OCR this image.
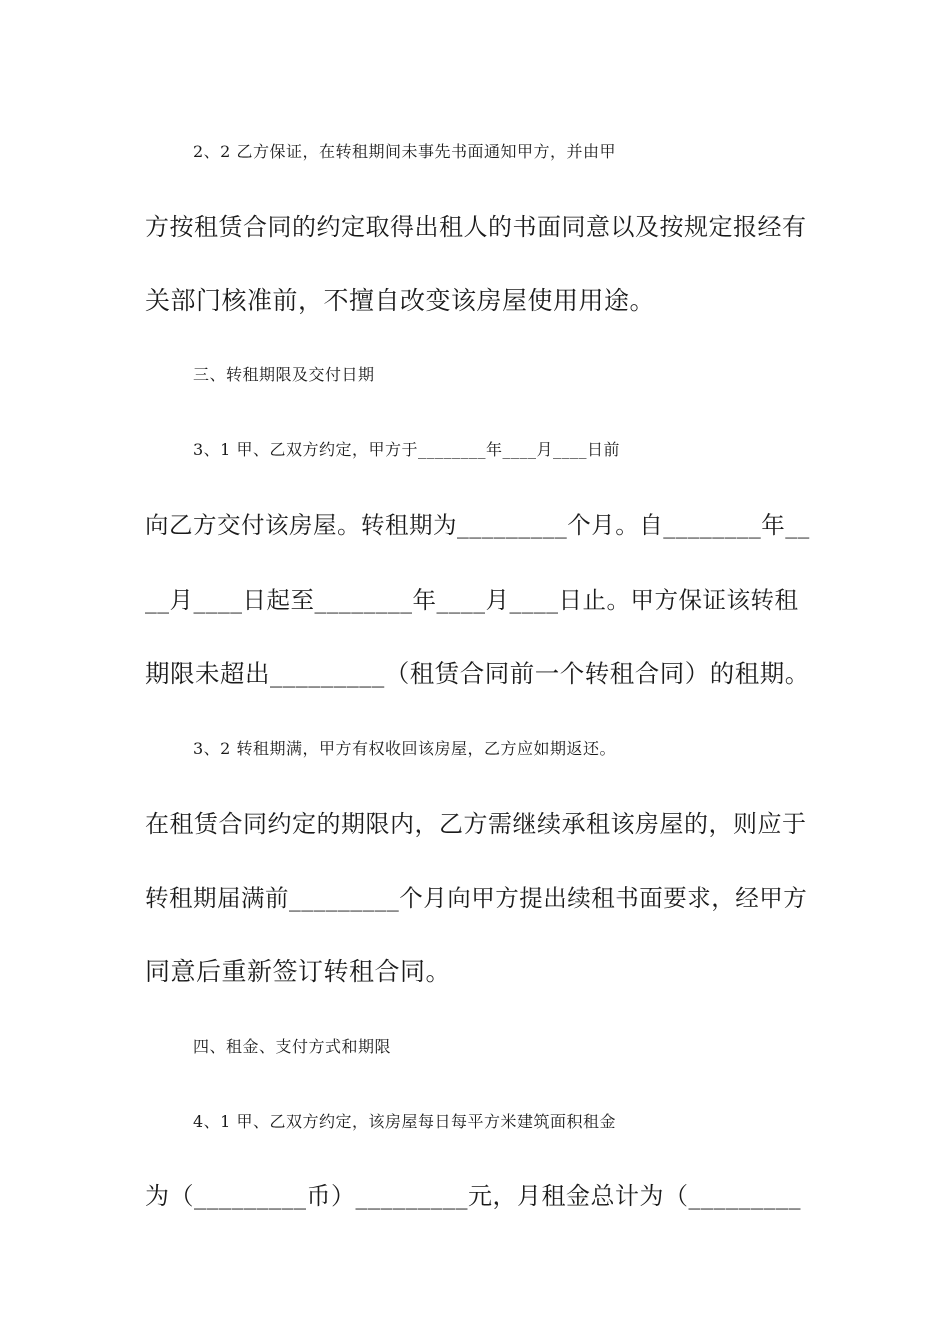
2、2 乙方保证，在转租期间未事先书面通知甲方，并由甲
方按租赁合同的约定取得出租人的书面同意以及按规定报经有
关部门核准前，不擅自改变该房屋使用用途。
三、转租期限及交付日期
3、1 甲、乙双方约定，甲方于________年____月____日前
向乙方交付该房屋。转租期为_________个月。自________年__
__月____日起至________年____月____日止。甲方保证该转租
期限未超出_________（租赁合同前一个转租合同）的租期。
3、2 转租期满，甲方有权收回该房屋，乙方应如期返还。
在租赁合同约定的期限内，乙方需继续承租该房屋的，则应于
转租期届满前_________个月向甲方提出续租书面要求，经甲方
同意后重新签订转租合同。
四、租金、支付方式和期限
4、1 甲、乙双方约定，该房屋每日每平方米建筑面积租金
为（_________币）_________元，月租金总计为（_________
